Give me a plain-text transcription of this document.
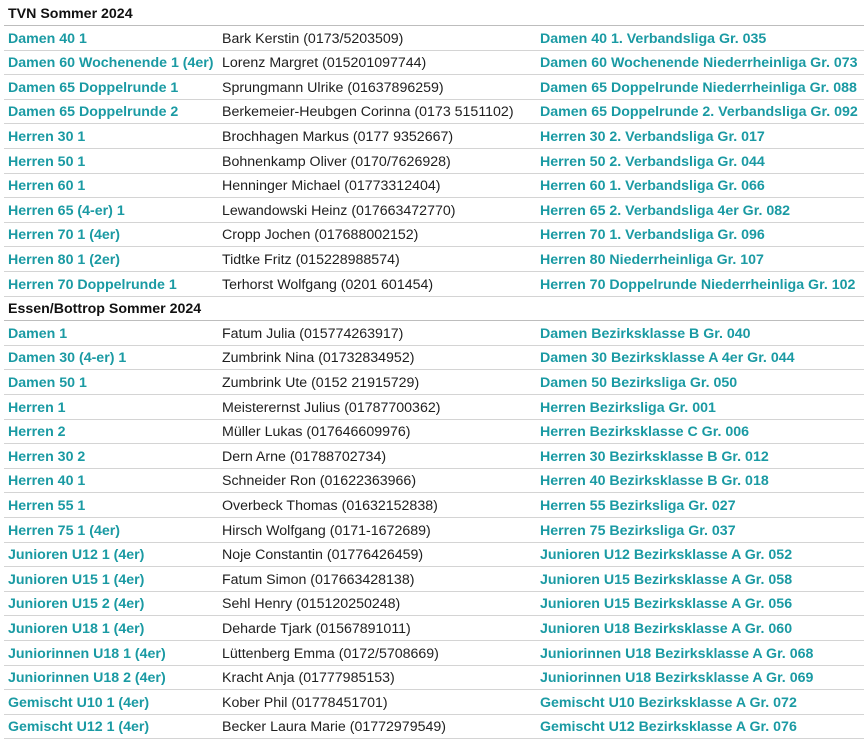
TVN Sommer 2024
Damen 40 1	Bark Kerstin (0173/5203509)	Damen 40 1. Verbandsliga Gr. 035
Damen 60 Wochenende 1 (4er) Lorenz Margret (015201097744)	Damen 60 Wochenende Niederrheinliga Gr. 073
Damen 65 Doppelrunde 1	Sprungmann Ulrike (01637896259)	Damen 65 Doppelrunde Niederrheinliga Gr. 088
Damen 65 Doppelrunde 2	Berkemeier-Heubgen Corinna (0173 5151102) Damen 65 Doppelrunde 2. Verbandsliga Gr. 092
Herren 30 1	Brochhagen Markus (0177 9352667)	Herren 30 2. Verbandsliga Gr. 017
Herren 50 1	Bohnenkamp Oliver (0170/7626928)	Herren 50 2. Verbandsliga Gr. 044
Herren 60 1	Henninger Michael (01773312404)	Herren 60 1. Verbandsliga Gr. 066
Herren 65 (4-er) 1	Lewandowski Heinz (017663472770)	Herren 65 2. Verbandsliga 4er Gr. 082
Herren 70 1 (4er)	Cropp Jochen (017688002152)	Herren 70 1. Verbandsliga Gr. 096
Herren 80 1 (2er)	Tidtke Fritz (015228988574)	Herren 80 Niederrheinliga Gr. 107
Herren 70 Doppelrunde 1	Terhorst Wolfgang (0201 601454)	Herren 70 Doppelrunde Niederrheinliga Gr. 102
Essen/Bottrop Sommer 2024
Damen 1	Fatum Julia (015774263917)	Damen Bezirksklasse B Gr. 040
Damen 30 (4-er) 1	Zumbrink Nina (01732834952)	Damen 30 Bezirksklasse A 4er Gr. 044
Damen 50 1	Zumbrink Ute (0152 21915729)	Damen 50 Bezirksliga Gr. 050
Herren 1	Meisterernst Julius (01787700362)	Herren Bezirksliga Gr. 001
Herren 2	Müller Lukas (017646609976)	Herren Bezirksklasse C Gr. 006
Herren 30 2	Dern Arne (01788702734)	Herren 30 Bezirksklasse B Gr. 012
Herren 40 1	Schneider Ron (01622363966)	Herren 40 Bezirksklasse B Gr. 018
Herren 55 1	Overbeck Thomas (01632152838)	Herren 55 Bezirksliga Gr. 027
Herren 75 1 (4er)	Hirsch Wolfgang (0171-1672689)	Herren 75 Bezirksliga Gr. 037
Junioren U12 1 (4er)	Noje Constantin (01776426459)	Junioren U12 Bezirksklasse A Gr. 052
Junioren U15 1 (4er)	Fatum Simon (017663428138)	Junioren U15 Bezirksklasse A Gr. 058
Junioren U15 2 (4er)	Sehl Henry (015120250248)	Junioren U15 Bezirksklasse A Gr. 056
Junioren U18 1 (4er)	Deharde Tjark (01567891011)	Junioren U18 Bezirksklasse A Gr. 060
Juniorinnen U18 1 (4er)	Lüttenberg Emma (0172/5708669)	Juniorinnen U18 Bezirksklasse A Gr. 068
Juniorinnen U18 2 (4er)	Kracht Anja (01777985153)	Juniorinnen U18 Bezirksklasse A Gr. 069
Gemischt U10 1 (4er)	Kober Phil (01778451701)	Gemischt U10 Bezirksklasse A Gr. 072
Gemischt U12 1 (4er)	Becker Laura Marie (01772979549)	Gemischt U12 Bezirksklasse A Gr. 076
